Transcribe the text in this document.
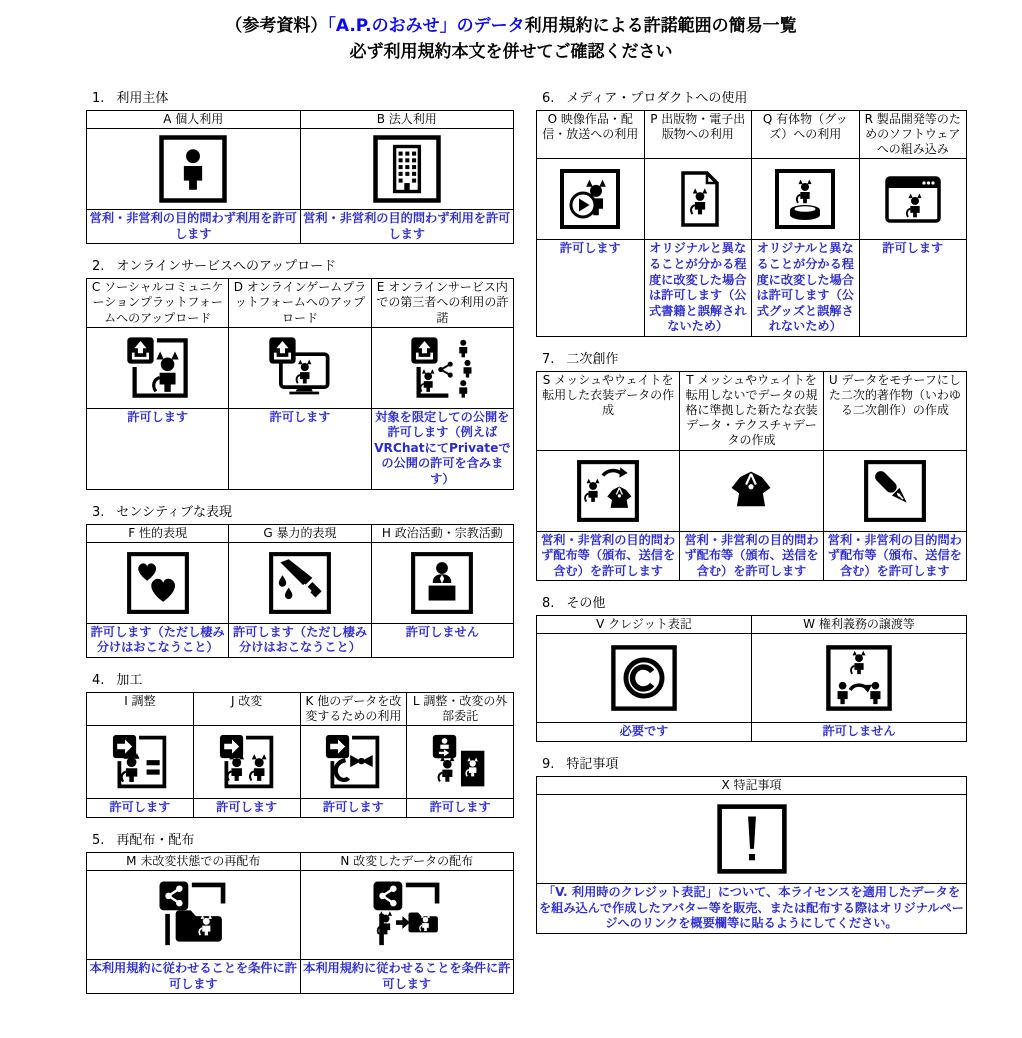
（参考資料）「A.P.のおみせ」のデータ利用規約による許諾範囲の簡易一覧
必ず利用規約本文を併せてご確認ください
1. 利用主体
A 個人利用	B 法人利用

営利・非営利の目的問わず利用を許可します	営利・非営利の目的問わず利用を許可します
2. オンラインサービスへのアップロード
C ソーシャルコミュニケーションプラットフォームへのアップロード	D オンラインゲームプラットフォームへのアップロード	E オンラインサービス内での第三者への利用の許諾

許可します	許可します	対象を限定しての公開を許可します（例えばVRChatにてPrivateでの公開の許可を含みます）
3. センシティブな表現
F 性的表現	G 暴力的表現	H 政治活動・宗教活動

許可します（ただし棲み分けはおこなうこと）	許可します（ただし棲み分けはおこなうこと）	許可しません
4. 加工
I 調整	J 改変	K 他のデータを改変するための利用	L 調整・改変の外部委託

許可します	許可します	許可します	許可します
5. 再配布・配布
M 未改変状態での再配布	N 改変したデータの配布

本利用規約に従わせることを条件に許可します	本利用規約に従わせることを条件に許可します
6. メディア・プロダクトへの使用
O 映像作品・配信・放送への利用	P 出版物・電子出版物への利用	Q 有体物（グッズ）への利用	R 製品開発等のためのソフトウェアへの組み込み

許可します	オリジナルと異なることが分かる程度に改変した場合は許可します（公式書籍と誤解されないため）	オリジナルと異なることが分かる程度に改変した場合は許可します（公式グッズと誤解されないため）	許可します
7. 二次創作
S メッシュやウェイトを転用した衣装データの作成	T メッシュやウェイトを転用しないでデータの規格に準拠した新たな衣装データ・テクスチャデータの作成	U データをモチーフにした二次的著作物（いわゆる二次創作）の作成

営利・非営利の目的問わず配布等（頒布、送信を含む）を許可します	営利・非営利の目的問わず配布等（頒布、送信を含む）を許可します	営利・非営利の目的問わず配布等（頒布、送信を含む）を許可します
8. その他
V クレジット表記	W 権利義務の譲渡等

必要です	許可しません
9. 特記事項
X 特記事項

「V. 利用時のクレジット表記」について、本ライセンスを適用したデータをを組み込んで作成したアバター等を販売、または配布する際はオリジナルページへのリンクを概要欄等に貼るようにしてください。
